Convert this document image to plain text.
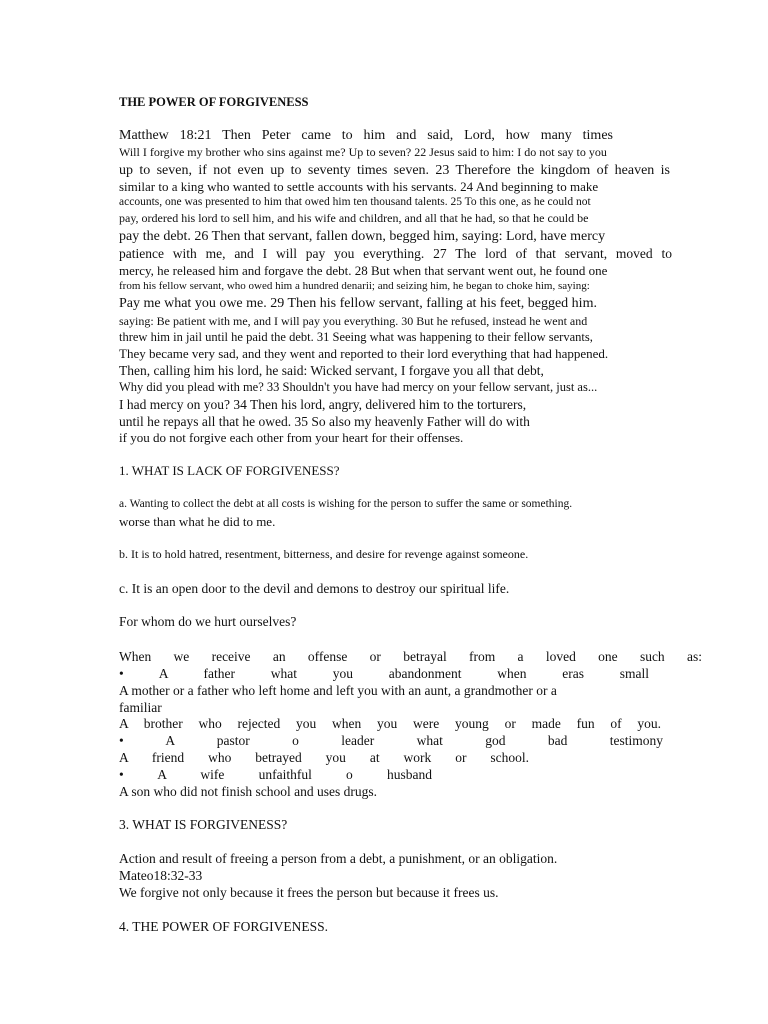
THE POWER OF FORGIVENESS
Matthew 18:21 Then Peter came to him and said, Lord, how many times
Will I forgive my brother who sins against me? Up to seven? 22 Jesus said to him: I do not say to you
up to seven, if not even up to seventy times seven. 23 Therefore the kingdom of heaven is
similar to a king who wanted to settle accounts with his servants. 24 And beginning to make
accounts, one was presented to him that owed him ten thousand talents. 25 To this one, as he could not
pay, ordered his lord to sell him, and his wife and children, and all that he had, so that he could be
pay the debt. 26 Then that servant, fallen down, begged him, saying: Lord, have mercy
patience with me, and I will pay you everything. 27 The lord of that servant, moved to
mercy, he released him and forgave the debt. 28 But when that servant went out, he found one
from his fellow servant, who owed him a hundred denarii; and seizing him, he began to choke him, saying:
Pay me what you owe me. 29 Then his fellow servant, falling at his feet, begged him.
saying: Be patient with me, and I will pay you everything. 30 But he refused, instead he went and
threw him in jail until he paid the debt. 31 Seeing what was happening to their fellow servants,
They became very sad, and they went and reported to their lord everything that had happened.
Then, calling him his lord, he said: Wicked servant, I forgave you all that debt,
Why did you plead with me? 33 Shouldn't you have had mercy on your fellow servant, just as...
I had mercy on you? 34 Then his lord, angry, delivered him to the torturers,
until he repays all that he owed. 35 So also my heavenly Father will do with
if you do not forgive each other from your heart for their offenses.
1. WHAT IS LACK OF FORGIVENESS?
a. Wanting to collect the debt at all costs is wishing for the person to suffer the same or something.
worse than what he did to me.
b. It is to hold hatred, resentment, bitterness, and desire for revenge against someone.
c. It is an open door to the devil and demons to destroy our spiritual life.
For whom do we hurt ourselves?
When we receive an offense or betrayal from a loved one such as:
• A father what you abandonment when eras small
A mother or a father who left home and left you with an aunt, a grandmother or a
familiar
A brother who rejected you when you were young or made fun of you.
• A pastor o leader what god bad testimony
A friend who betrayed you at work or school.
• A wife unfaithful o husband
A son who did not finish school and uses drugs.
3. WHAT IS FORGIVENESS?
Action and result of freeing a person from a debt, a punishment, or an obligation.
Mateo18:32-33
We forgive not only because it frees the person but because it frees us.
4. THE POWER OF FORGIVENESS.
